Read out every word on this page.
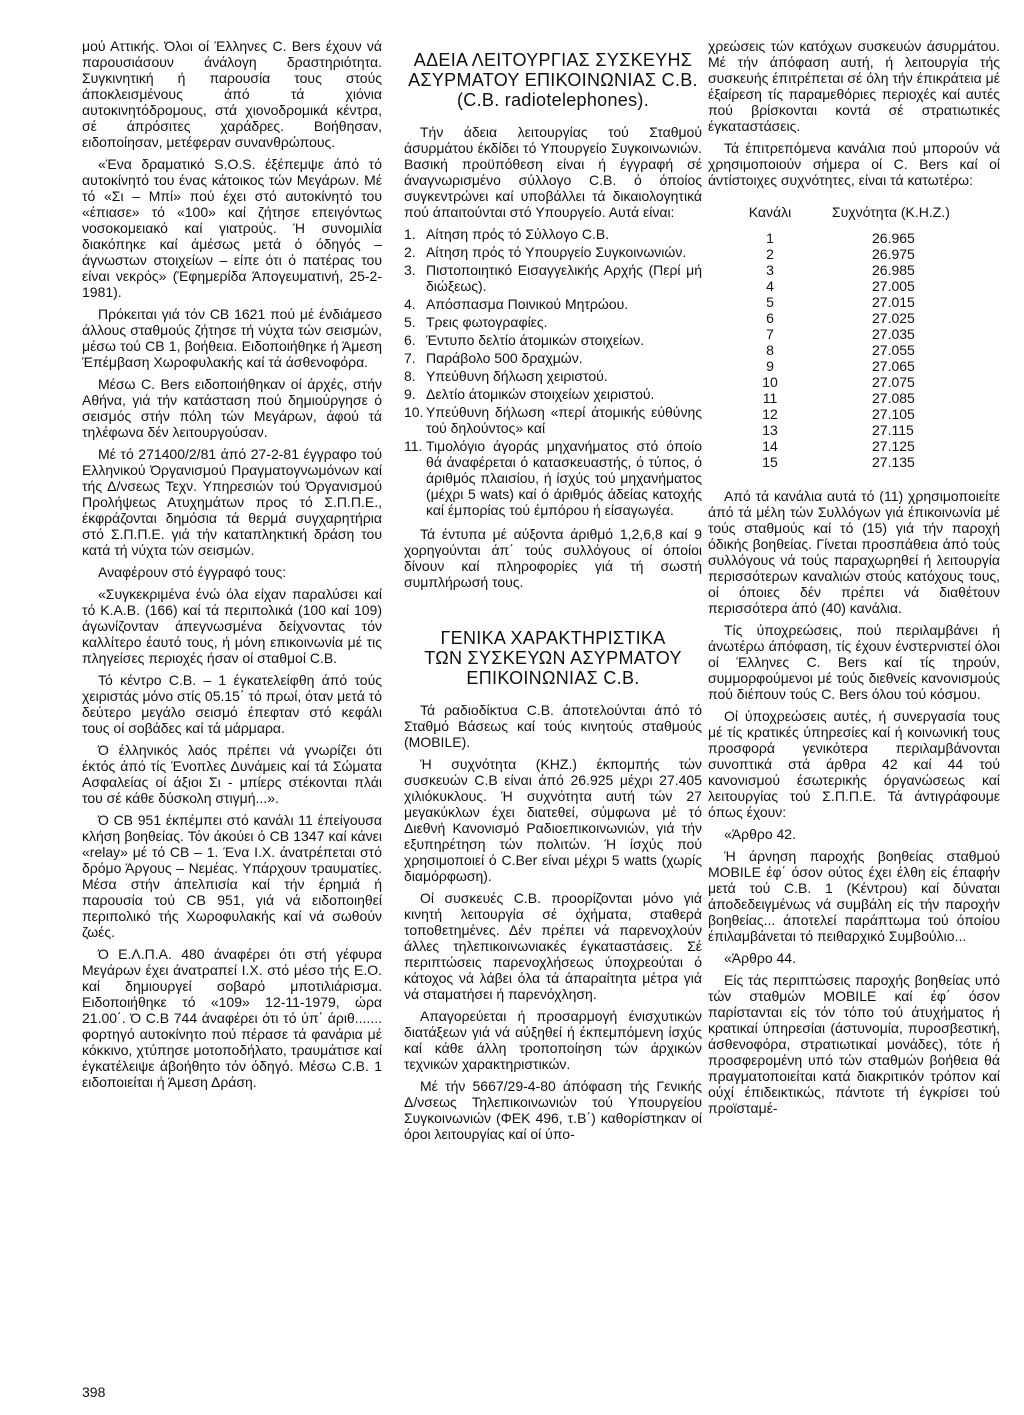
μού Αττικής. Όλοι οί Έλληνες C. Bers έχουν νά παρουσιάσουν άνάλογη δραστηριότητα. Συγκινητική ή παρουσία τους στούς άποκλεισμένους άπό τά χιόνια αυτοκινητόδρομους, στά χιονοδρομικά κέντρα, σέ άπρόσιτες χαράδρες. Βοήθησαν, ειδοποίησαν, μετέφεραν συνανθρώπους.

«Ένα δραματικό S.O.S. έξέπεμψε άπό τό αυτοκίνητό του ένας κάτοικος τών Μεγάρων. Μέ τό «Σι – Μπί» πού έχει στό αυτοκίνητό του «έπιασε» τό «100» καί ζήτησε επειγόντως νοσοκομειακό καί γιατρούς. Ή συνομιλία διακόπηκε καί άμέσως μετά ό όδηγός – άγνωστων στοιχείων – είπε ότι ό πατέρας του είναι νεκρός» (Έφημερίδα Άπογευματινή, 25-2-1981).

Πρόκειται γιά τόν CB 1621 πού μέ ένδιάμεσο άλλους σταθμούς ζήτησε τή νύχτα τών σεισμών, μέσω τού CB 1, βοήθεια. Ειδοποιήθηκε ή Άμεση Έπέμβαση Χωροφυλακής καί τά άσθενοφόρα.

Μέσω C. Bers ειδοποιήθηκαν οί άρχές, στήν Αθήνα, γιά τήν κατάσταση πού δημιούργησε ό σεισμός στήν πόλη τών Μεγάρων, άφού τά τηλέφωνα δέν λειτουργούσαν.

Μέ τό 271400/2/81 άπό 27-2-81 έγγραφο τού Ελληνικού Όργανισμού Πραγματογνωμόνων καί τής Δ/νσεως Τεχν. Υπηρεσιών τού Όργανισμού Προλήψεως Ατυχημάτων προς τό Σ.Π.Π.Ε., έκφράζονται δημόσια τά θερμά συγχαρητήρια στό Σ.Π.Π.Ε. γιά τήν καταπληκτική δράση του κατά τή νύχτα τών σεισμών.

Αναφέρουν στό έγγραφό τους:

«Συγκεκριμένα ένώ όλα είχαν παραλύσει καί τό Κ.Α.Β. (166) καί τά περιπολικά (100 καί 109) άγωνίζονταν άπεγνωσμένα δείχνοντας τόν καλλίτερο έαυτό τους, ή μόνη επικοινωνία μέ τις πληγείσες περιοχές ήσαν οί σταθμοί C.B.

Τό κέντρο C.B. – 1 έγκατελείφθη άπό τούς χειριστάς μόνο στίς 05.15΄ τό πρωί, όταν μετά τό δεύτερο μεγάλο σεισμό έπεφταν στό κεφάλι τους οί σοβάδες καί τά μάρμαρα.

Ό έλληνικός λαός πρέπει νά γνωρίζει ότι έκτός άπό τίς Ένοπλες Δυνάμεις καί τά Σώματα Ασφαλείας οί άξιοι Σι - μπίερς στέκονται πλάι του σέ κάθε δύσκολη στιγμή...».

Ό CB 951 έκπέμπει στό κανάλι 11 έπείγουσα κλήση βοηθείας. Τόν άκούει ό CB 1347 καί κάνει «relay» μέ τό CB – 1. Ένα Ι.Χ. άνατρέπεται στό δρόμο Άργους – Νεμέας. Υπάρχουν τραυματίες. Μέσα στήν άπελπισία καί τήν έρημιά ή παρουσία τού CB 951, γιά νά ειδοποιηθεί περιπολικό τής Χωροφυλακής καί νά σωθούν ζωές.

Ό Ε.Λ.Π.Α. 480 άναφέρει ότι στή γέφυρα Μεγάρων έχει άνατραπεί Ι.Χ. στό μέσο τής Ε.Ο. καί δημιουργεί σοβαρό μποτιλιάρισμα. Ειδοποιήθηκε τό «109» 12-11-1979, ώρα 21.00΄. Ό C.B 744 άναφέρει ότι τό ύπ΄ άριθ....... φορτηγό αυτοκίνητο πού πέρασε τά φανάρια μέ κόκκινο, χτύπησε μοτοποδήλατο, τραυμάτισε καί έγκατέλειψε άβοήθητο τόν όδηγό. Μέσω C.B. 1 ειδοποιείται ή Άμεση Δράση.

ΑΔΕΙΑ ΛΕΙΤΟΥΡΓΙΑΣ ΣΥΣΚΕΥΗΣ
ΑΣΥΡΜΑΤΟΥ ΕΠΙΚΟΙΝΩΝΙΑΣ C.B.
(C.B. radiotelephones).

Τήν άδεια λειτουργίας τού Σταθμού άσυρμάτου έκδίδει τό Υπουργείο Συγκοινωνιών. Βασική προϋπόθεση είναι ή έγγραφή σέ άναγνωρισμένο σύλλογο C.B. ό όποίος συγκεντρώνει καί υποβάλλει τά δικαιολογητικά πού άπαιτούνται στό Υπουργείο. Αυτά είναι:

1. Αίτηση πρός τό Σύλλογο C.B.
2. Αίτηση πρός τό Υπουργείο Συγκοινωνιών.
3. Πιστοποιητικό Εισαγγελικής Αρχής (Περί μή διώξεως).
4. Απόσπασμα Ποινικού Μητρώου.
5. Τρεις φωτογραφίες.
6. Έντυπο δελτίο άτομικών στοιχείων.
7. Παράβολο 500 δραχμών.
8. Υπεύθυνη δήλωση χειριστού.
9. Δελτίο άτομικών στοιχείων χειριστού.
10. Υπεύθυνη δήλωση «περί άτομικής εύθύνης τού δηλούντος» καί
11. Τιμολόγιο άγοράς μηχανήματος στό όποίο θά άναφέρεται ό κατασκευαστής, ό τύπος, ό άριθμός πλαισίου, ή ίσχύς τού μηχανήματος (μέχρι 5 wats) καί ό άριθμός άδείας κατοχής καί έμπορίας τού έμπόρου ή είσαγωγέα.

Τά έντυπα μέ αύξοντα άριθμό 1,2,6,8 καί 9 χορηγούνται άπ΄ τούς συλλόγους οί όποίοι δίνουν καί πληροφορίες γιά τή σωστή συμπλήρωσή τους.

ΓΕΝΙΚΑ ΧΑΡΑΚΤΗΡΙΣΤΙΚΑ
ΤΩΝ ΣΥΣΚΕΥΩΝ ΑΣΥΡΜΑΤΟΥ
ΕΠΙΚΟΙΝΩΝΙΑΣ C.B.

Τά ραδιοδίκτυα C.B. άποτελούνται άπό τό Σταθμό Βάσεως καί τούς κινητούς σταθμούς (MOBILE).

Ή συχνότητα (ΚΗΖ.) έκπομπής τών συσκευών C.B είναι άπό 26.925 μέχρι 27.405 χιλιόκυκλους. Ή συχνότητα αυτή τών 27 μεγακύκλων έχει διατεθεί, σύμφωνα μέ τό Διεθνή Κανονισμό Ραδιοεπικοινωνιών, γιά τήν εξυπηρέτηση τών πολιτών. Ή ίσχύς πού χρησιμοποιεί ό C.Ber είναι μέχρι 5 watts (χωρίς διαμόρφωση).

Οί συσκευές C.B. προορίζονται μόνο γιά κινητή λειτουργία σέ όχήματα, σταθερά τοποθετημένες. Δέν πρέπει νά παρενοχλούν άλλες τηλεπικοινωνιακές έγκαταστάσεις. Σέ περιπτώσεις παρενοχλήσεως ύποχρεούται ό κάτοχος νά λάβει όλα τά άπαραίτητα μέτρα γιά νά σταματήσει ή παρενόχληση.

Απαγορεύεται ή προσαρμογή ένισχυτικών διατάξεων γιά νά αύξηθεί ή έκπεμπόμενη ίσχύς καί κάθε άλλη τροποποίηση τών άρχικών τεχνικών χαρακτηριστικών.

Μέ τήν 5667/29-4-80 άπόφαση τής Γενικής Δ/νσεως Τηλεπικοινωνιών τού Υπουργείου Συγκοινωνιών (ΦΕΚ 496, τ.Β΄) καθορίστηκαν οί όροι λειτουργίας καί οί ύπο-

χρεώσεις τών κατόχων συσκευών άσυρμάτου. Μέ τήν άπόφαση αυτή, ή λειτουργία τής συσκευής έπιτρέπεται σέ όλη τήν έπικράτεια μέ έξαίρεση τίς παραμεθόριες περιοχές καί αυτές πού βρίσκονται κοντά σέ στρατιωτικές έγκαταστάσεις.

Τά έπιτρεπόμενα κανάλια πού μπορούν νά χρησιμοποιούν σήμερα οί C. Bers καί οί άντίστοιχες συχνότητες, είναι τά κατωτέρω:

Κανάλι	Συχνότητα (Κ.Η.Ζ.)
1	26.965
2	26.975
3	26.985
4	27.005
5	27.015
6	27.025
7	27.035
8	27.055
9	27.065
10	27.075
11	27.085
12	27.105
13	27.115
14	27.125
15	27.135

Από τά κανάλια αυτά τό (11) χρησιμοποιείτε άπό τά μέλη τών Συλλόγων γιά έπικοινωνία μέ τούς σταθμούς καί τό (15) γιά τήν παροχή όδικής βοηθείας. Γίνεται προσπάθεια άπό τούς συλλόγους νά τούς παραχωρηθεί ή λειτουργία περισσότερων καναλιών στούς κατόχους τους, οί όποιες δέν πρέπει νά διαθέτουν περισσότερα άπό (40) κανάλια.

Τίς ύποχρεώσεις, πού περιλαμβάνει ή άνωτέρω άπόφαση, τίς έχουν ένστερνιστεί όλοι οί Έλληνες C. Bers καί τίς τηρούν, συμμορφούμενοι μέ τούς διεθνείς κανονισμούς πού διέπουν τούς C. Bers όλου τού κόσμου.

Οί ύποχρεώσεις αυτές, ή συνεργασία τους μέ τίς κρατικές ύπηρεσίες καί ή κοινωνική τους προσφορά γενικότερα περιλαμβάνονται συνοπτικά στά άρθρα 42 καί 44 τού κανονισμού έσωτερικής όργανώσεως καί λειτουργίας τού Σ.Π.Π.Ε. Τά άντιγράφουμε όπως έχουν:

«Άρθρο 42.

Ή άρνηση παροχής βοηθείας σταθμού MOBILE έφ΄ όσον ούτος έχει έλθη είς έπαφήν μετά τού C.B. 1 (Κέντρου) καί δύναται άποδεδειγμένως νά συμβάλη είς τήν παροχήν βοηθείας... άποτελεί παράπτωμα τού όποίου έπιλαμβάνεται τό πειθαρχικό Συμβούλιο...

«Άρθρο 44.

Είς τάς περιπτώσεις παροχής βοηθείας υπό τών σταθμών MOBILE καί έφ΄ όσον παρίστανται είς τόν τόπο τού άτυχήματος ή κρατικαί ύπηρεσίαι (άστυνομία, πυροσβεστική, άσθενοφόρα, στρατιωτικαί μονάδες), τότε ή προσφερομένη υπό τών σταθμών βοήθεια θά πραγματοποιείται κατά διακριτικόν τρόπον καί ούχί έπιδεικτικώς, πάντοτε τή έγκρίσει τού προϊσταμέ-

398
